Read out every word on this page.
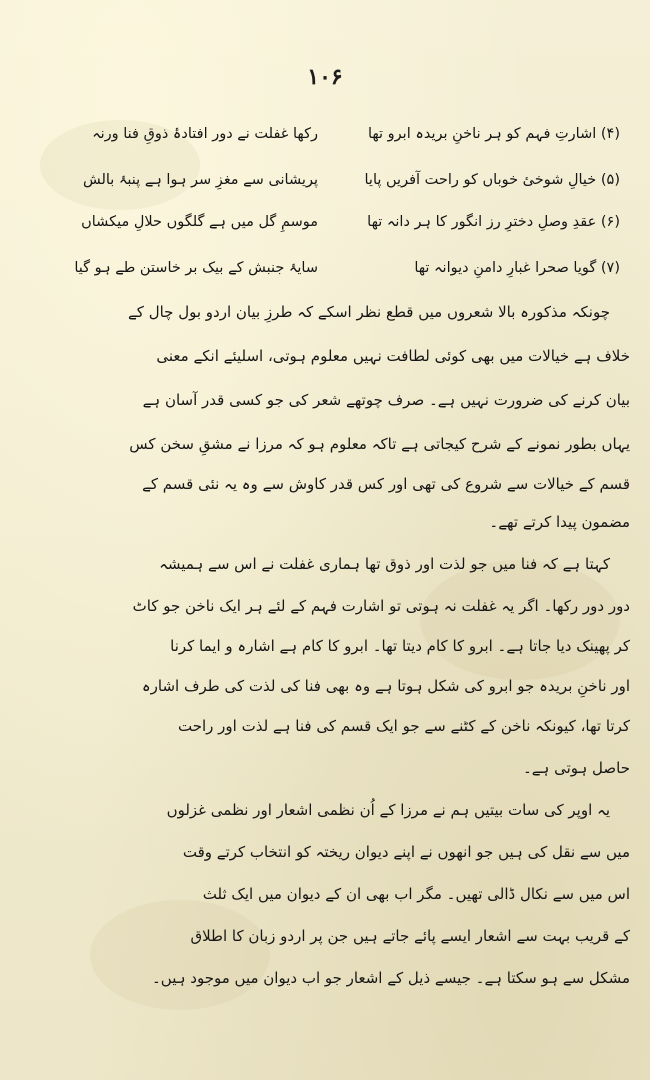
۱۰۶
(۴) اشارتِ فہم کو ہر ناخنِ بریدہ ابرو تھا
رکھا غفلت نے دور افتادۂ ذوقِ فنا ورنہ
(۵) خیالِ شوخیٔ خوباں کو راحت آفریں پایا
پریشانی سے مغزِ سر ہوا ہے پنبۂ بالش
(۶) عقدِ وصلِ دخترِ رز انگور کا ہر دانہ تھا
موسمِ گل میں ہے گلگوں حلالِ میکشاں
(۷) گویا صحرا غبارِ دامنِ دیوانہ تھا
سایۂ جنبش کے بیک بر خاستن طے ہو گیا
چونکہ مذکورہ بالا شعروں میں قطع نظر اسکے کہ طرزِ بیان اردو بول چال کے
خلاف ہے خیالات میں بھی کوئی لطافت نہیں معلوم ہوتی، اسلیئے انکے معنی
بیان کرنے کی ضرورت نہیں ہے۔ صرف چوتھے شعر کی جو کسی قدر آسان ہے
یہاں بطور نمونے کے شرح کیجاتی ہے تاکہ معلوم ہو کہ مرزا نے مشقِ سخن کس
قسم کے خیالات سے شروع کی تھی اور کس قدر کاوش سے وہ یہ نئی قسم کے
مضمون پیدا کرتے تھے۔
کہتا ہے کہ فنا میں جو لذت اور ذوق تھا ہماری غفلت نے اس سے ہمیشہ
دور دور رکھا۔ اگر یہ غفلت نہ ہوتی تو اشارت فہم کے لئے ہر ایک ناخن جو کاٹ
کر پھینک دیا جاتا ہے۔ ابرو کا کام دیتا تھا۔ ابرو کا کام ہے اشارہ و ایما کرنا
اور ناخنِ بریدہ جو ابرو کی شکل ہوتا ہے وہ بھی فنا کی لذت کی طرف اشارہ
کرتا تھا، کیونکہ ناخن کے کٹنے سے جو ایک قسم کی فنا ہے لذت اور راحت
حاصل ہوتی ہے۔
یہ اوپر کی سات بیتیں ہم نے مرزا کے اُن نظمی اشعار اور نظمی غزلوں
میں سے نقل کی ہیں جو انھوں نے اپنے دیوان ریختہ کو انتخاب کرتے وقت
اس میں سے نکال ڈالی تھیں۔ مگر اب بھی ان کے دیوان میں ایک ثلث
کے قریب بہت سے اشعار ایسے پائے جاتے ہیں جن پر اردو زبان کا اطلاق
مشکل سے ہو سکتا ہے۔ جیسے ذیل کے اشعار جو اب دیوان میں موجود ہیں۔
